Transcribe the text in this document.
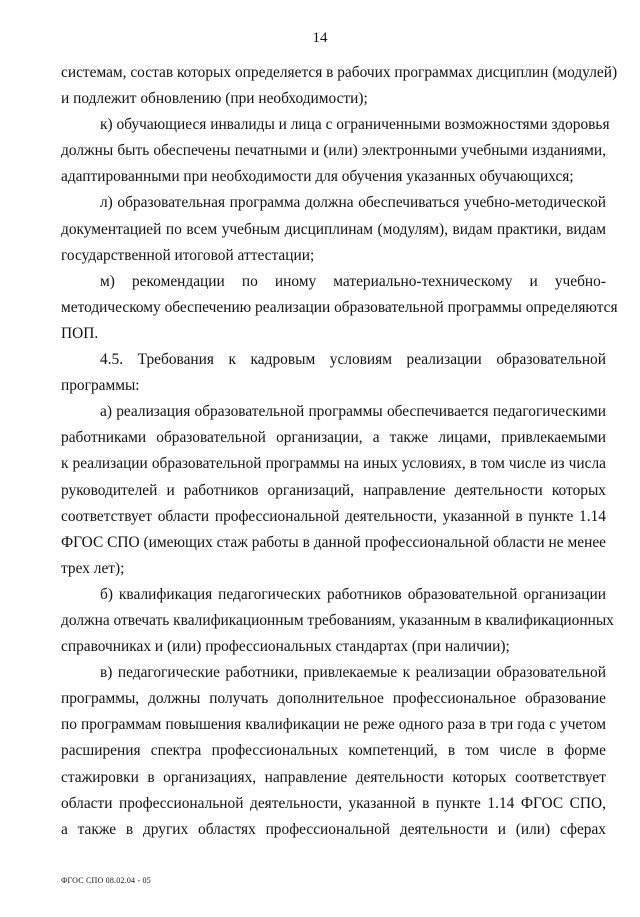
14
системам, состав которых определяется в рабочих программах дисциплин (модулей)
и подлежит обновлению (при необходимости);
к) обучающиеся инвалиды и лица с ограниченными возможностями здоровья
должны быть обеспечены печатными и (или) электронными учебными изданиями,
адаптированными при необходимости для обучения указанных обучающихся;
л) образовательная программа должна обеспечиваться учебно-методической
документацией по всем учебным дисциплинам (модулям), видам практики, видам
государственной итоговой аттестации;
м) рекомендации по иному материально-техническому и учебно-
методическому обеспечению реализации образовательной программы определяются
ПОП.
4.5. Требования к кадровым условиям реализации образовательной
программы:
а) реализация образовательной программы обеспечивается педагогическими
работниками образовательной организации, а также лицами, привлекаемыми
к реализации образовательной программы на иных условиях, в том числе из числа
руководителей и работников организаций, направление деятельности которых
соответствует области профессиональной деятельности, указанной в пункте 1.14
ФГОС СПО (имеющих стаж работы в данной профессиональной области не менее
трех лет);
б) квалификация педагогических работников образовательной организации
должна отвечать квалификационным требованиям, указанным в квалификационных
справочниках и (или) профессиональных стандартах (при наличии);
в) педагогические работники, привлекаемые к реализации образовательной
программы, должны получать дополнительное профессиональное образование
по программам повышения квалификации не реже одного раза в три года с учетом
расширения спектра профессиональных компетенций, в том числе в форме
стажировки в организациях, направление деятельности которых соответствует
области профессиональной деятельности, указанной в пункте 1.14 ФГОС СПО,
а также в других областях профессиональной деятельности и (или) сферах
ФГОС СПО 08.02.04 - 05
